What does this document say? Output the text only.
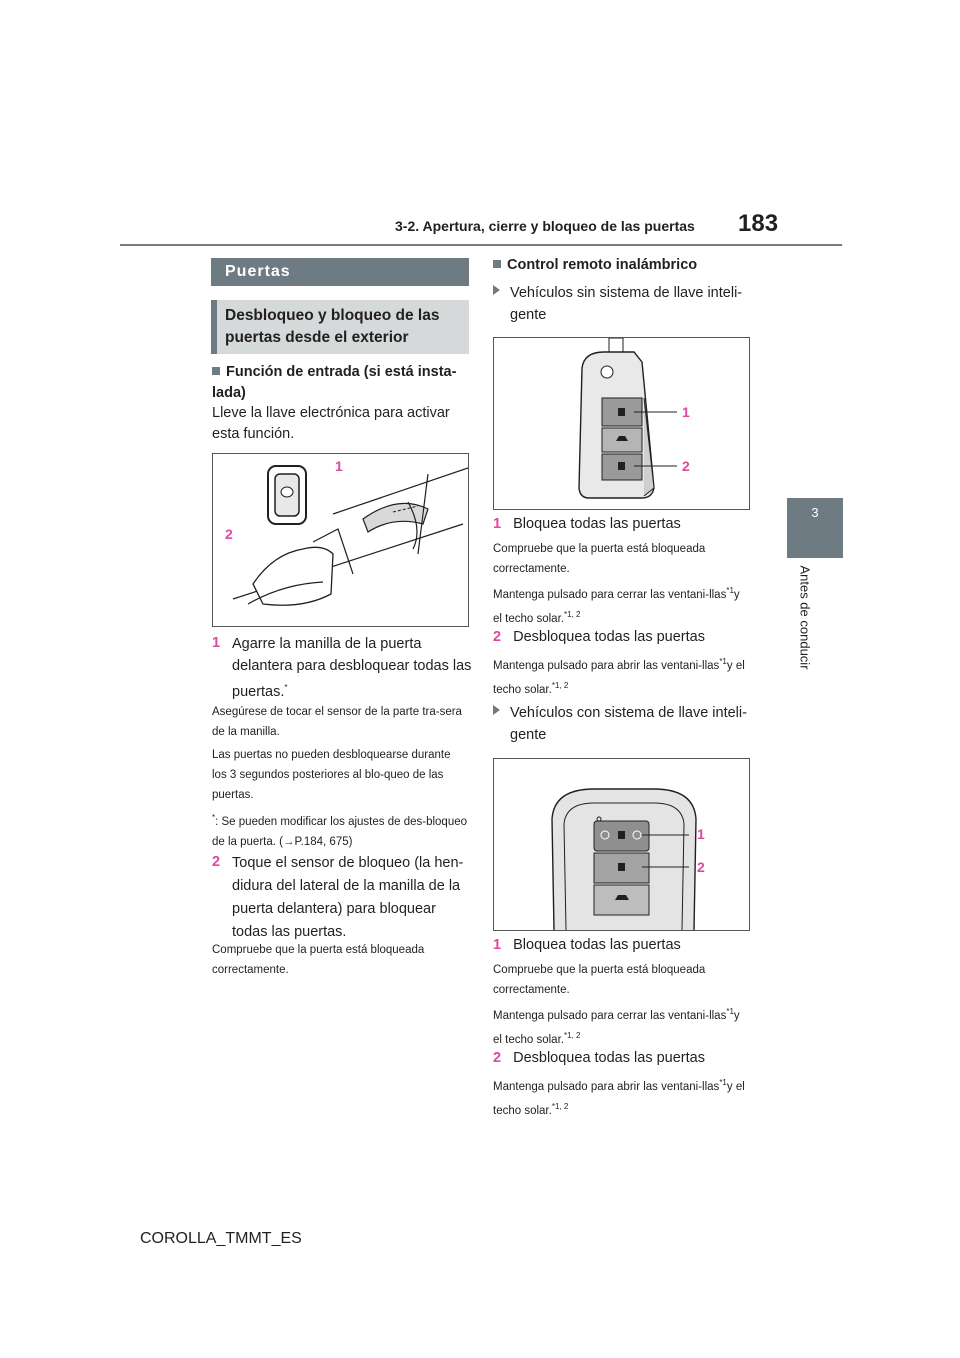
3-2. Apertura, cierre y bloqueo de las puertas 183
3
Antes de conducir
Puertas
Desbloqueo y bloqueo de las puertas desde el exterior
Función de entrada (si está insta-lada)
Lleve la llave electrónica para activar esta función.
1
2
1 Agarre la manilla de la puerta delantera para desbloquear todas las puertas.*
Asegúrese de tocar el sensor de la parte tra-sera de la manilla.
Las puertas no pueden desbloquearse durante los 3 segundos posteriores al blo-queo de las puertas.
*: Se pueden modificar los ajustes de des-bloqueo de la puerta. (→P.184, 675)
2 Toque el sensor de bloqueo (la hen-didura del lateral de la manilla de la puerta delantera) para bloquear todas las puertas.
Compruebe que la puerta está bloqueada correctamente.
Control remoto inalámbrico
Vehículos sin sistema de llave inteli-gente
1
2
1 Bloquea todas las puertas
Compruebe que la puerta está bloqueada correctamente.
Mantenga pulsado para cerrar las ventani-llas$^{*1}$y el techo solar.$^{*1, 2}$
2 Desbloquea todas las puertas
Mantenga pulsado para abrir las ventani-llas$^{*1}$y el techo solar.$^{*1, 2}$
Vehículos con sistema de llave inteli-gente
1
2
1 Bloquea todas las puertas
Compruebe que la puerta está bloqueada correctamente.
Mantenga pulsado para cerrar las ventani-llas$^{*1}$y el techo solar.$^{*1, 2}$
2 Desbloquea todas las puertas
Mantenga pulsado para abrir las ventani-llas$^{*1}$y el techo solar.$^{*1, 2}$
COROLLA_TMMT_ES
